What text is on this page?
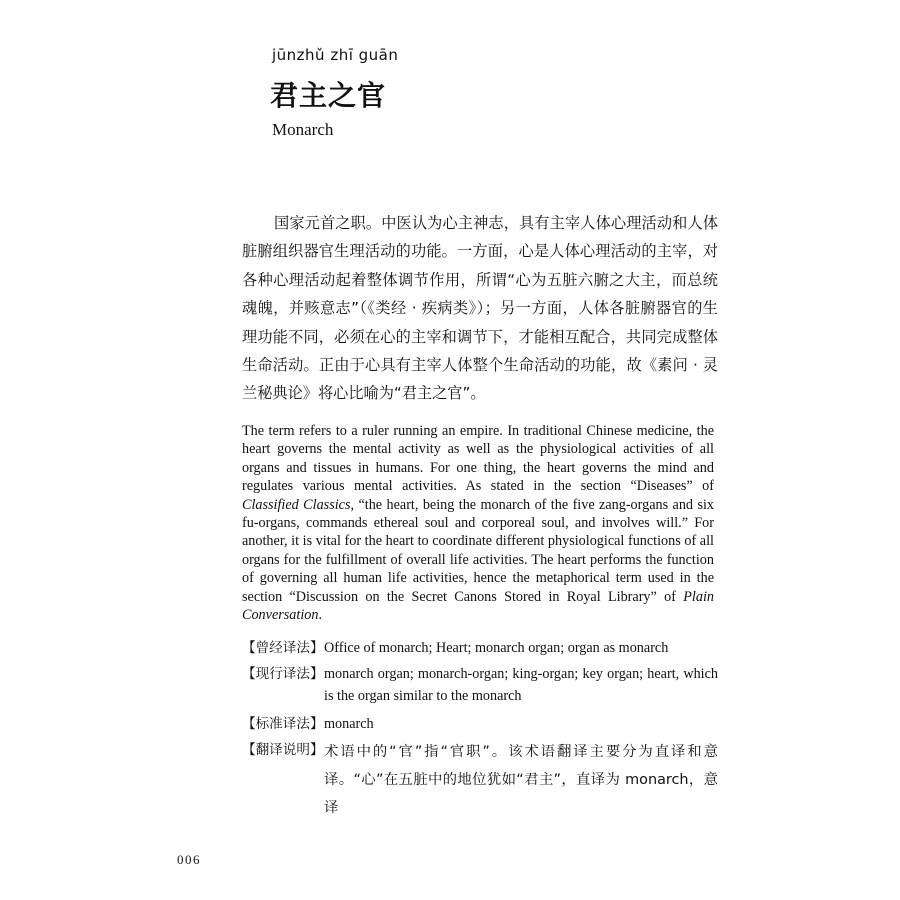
jūnzhǔ zhī guān
君主之官
Monarch

国家元首之职。中医认为心主神志，具有主宰人体心理活动和人体脏腑组织器官生理活动的功能。一方面，心是人体心理活动的主宰，对各种心理活动起着整体调节作用，所谓“心为五脏六腑之大主，而总统魂魄，并赅意志”（《类经 · 疾病类》）；另一方面，人体各脏腑器官的生理功能不同，必须在心的主宰和调节下，才能相互配合，共同完成整体生命活动。正由于心具有主宰人体整个生命活动的功能，故《素问 · 灵兰秘典论》将心比喻为“君主之官”。

The term refers to a ruler running an empire. In traditional Chinese medicine, the heart governs the mental activity as well as the physiological activities of all organs and tissues in humans. For one thing, the heart governs the mind and regulates various mental activities. As stated in the section “Diseases” of Classified Classics, “the heart, being the monarch of the five zang-organs and six fu-organs, commands ethereal soul and corporeal soul, and involves will.” For another, it is vital for the heart to coordinate different physiological functions of all organs for the fulfillment of overall life activities. The heart performs the function of governing all human life activities, hence the metaphorical term used in the section “Discussion on the Secret Canons Stored in Royal Library” of Plain Conversation.

【曾经译法】 Office of monarch; Heart; monarch organ; organ as monarch
【现行译法】 monarch organ; monarch-organ; king-organ; key organ; heart, which is the organ similar to the monarch
【标准译法】 monarch
【翻译说明】 术语中的“官”指“官职”。该术语翻译主要分为直译和意译。“心”在五脏中的地位犹如“君主”，直译为 monarch，意译
006
